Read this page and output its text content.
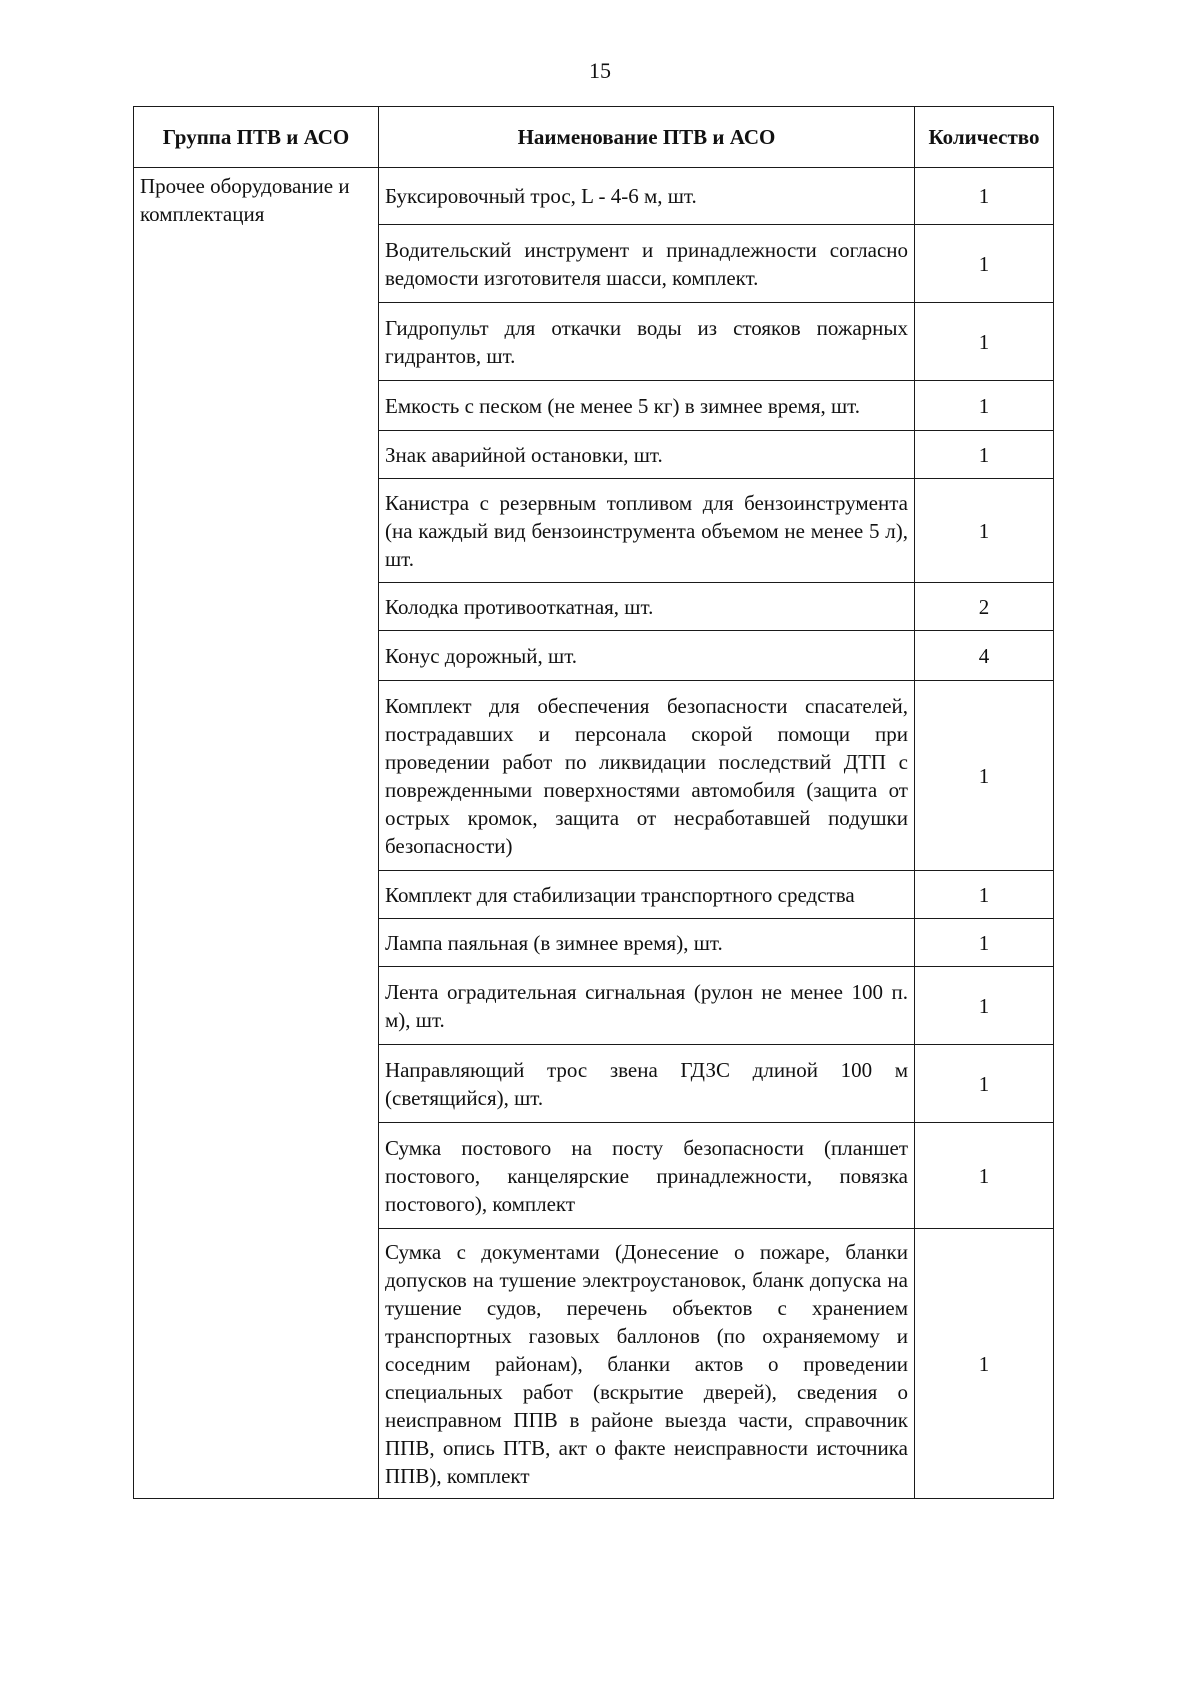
15
Группа ПТВ и АСО	Наименование ПТВ и АСО	Количество
Прочее оборудование и комплектация	Буксировочный трос, L - 4-6 м, шт.	1
	Водительский инструмент и принадлежности согласно ведомости изготовителя шасси, комплект.	1
	Гидропульт для откачки воды из стояков пожарных гидрантов, шт.	1
	Емкость с песком (не менее 5 кг) в зимнее время, шт.	1
	Знак аварийной остановки, шт.	1
	Канистра с резервным топливом для бензоинструмента (на каждый вид бензоинструмента объемом не менее 5 л), шт.	1
	Колодка противооткатная, шт.	2
	Конус дорожный, шт.	4
	Комплект для обеспечения безопасности спасателей, пострадавших и персонала скорой помощи при проведении работ по ликвидации последствий ДТП с поврежденными поверхностями автомобиля (защита от острых кромок, защита от несработавшей подушки безопасности)	1
	Комплект для стабилизации транспортного средства	1
	Лампа паяльная (в зимнее время), шт.	1
	Лента оградительная сигнальная (рулон не менее 100 п. м), шт.	1
	Направляющий трос звена ГДЗС длиной 100 м (светящийся), шт.	1
	Сумка постового на посту безопасности (планшет постового, канцелярские принадлежности, повязка постового), комплект	1
	Сумка с документами (Донесение о пожаре, бланки допусков на тушение электроустановок, бланк допуска на тушение судов, перечень объектов с хранением транспортных газовых баллонов (по охраняемому и соседним районам), бланки актов о проведении специальных работ (вскрытие дверей), сведения о неисправном ППВ в районе выезда части, справочник ППВ, опись ПТВ, акт о факте неисправности источника ППВ), комплект	1
